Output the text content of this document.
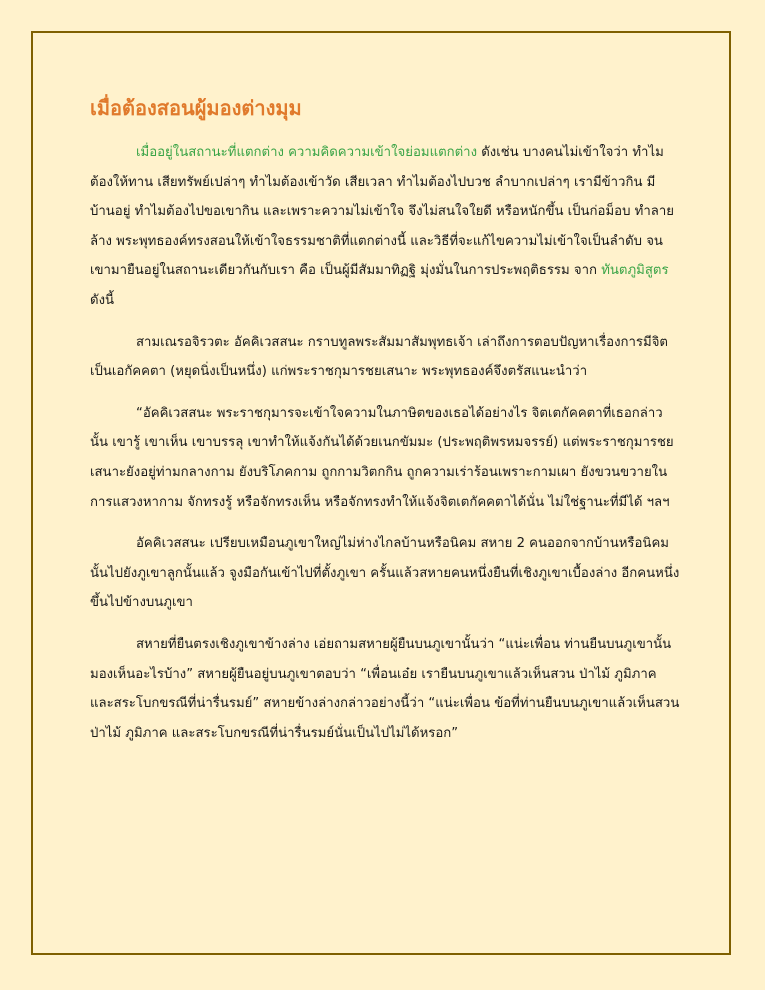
เมื่อต้องสอนผู้มองต่างมุม

เมื่ออยู่ในสถานะที่แตกต่าง ความคิดความเข้าใจย่อมแตกต่าง ดังเช่น บางคนไม่เข้าใจว่า ทำไมต้องให้ทาน เสียทรัพย์เปล่าๆ ทำไมต้องเข้าวัด เสียเวลา ทำไมต้องไปบวช ลำบากเปล่าๆ เรามีข้าวกิน มีบ้านอยู่ ทำไมต้องไปขอเขากิน และเพราะความไม่เข้าใจ จึงไม่สนใจใยดี หรือหนักขึ้น เป็นก่อม็อบ ทำลายล้าง พระพุทธองค์ทรงสอนให้เข้าใจธรรมชาติที่แตกต่างนี้ และวิธีที่จะแก้ไขความไม่เข้าใจเป็นลำดับ จนเขามายืนอยู่ในสถานะเดียวกันกับเรา คือ เป็นผู้มีสัมมาทิฏฐิ มุ่งมั่นในการประพฤติธรรม จาก ทันตภูมิสูตร ดังนี้

สามเณรอจิรวตะ อัคคิเวสสนะ กราบทูลพระสัมมาสัมพุทธเจ้า เล่าถึงการตอบปัญหาเรื่องการมีจิตเป็นเอกัคคตา (หยุดนิ่งเป็นหนึ่ง) แก่พระราชกุมารชยเสนาะ พระพุทธองค์จึงตรัสแนะนำว่า

“อัคคิเวสสนะ พระราชกุมารจะเข้าใจความในภาษิตของเธอได้อย่างไร จิตเตกัคคตาที่เธอกล่าวนั้น เขารู้ เขาเห็น เขาบรรลุ เขาทำให้แจ้งกันได้ด้วยเนกขัมมะ (ประพฤติพรหมจรรย์) แต่พระราชกุมารชยเสนาะยังอยู่ท่ามกลางกาม ยังบริโภคกาม ถูกกามวิตกกิน ถูกความเร่าร้อนเพราะกามเผา ยังขวนขวายในการแสวงหากาม จักทรงรู้ หรือจักทรงเห็น หรือจักทรงทำให้แจ้งจิตเตกัคคตาได้นั่น ไม่ใช่ฐานะที่มีได้ ฯลฯ

อัคคิเวสสนะ เปรียบเหมือนภูเขาใหญ่ไม่ห่างไกลบ้านหรือนิคม สหาย 2 คนออกจากบ้านหรือนิคมนั้นไปยังภูเขาลูกนั้นแล้ว จูงมือกันเข้าไปที่ตั้งภูเขา ครั้นแล้วสหายคนหนึ่งยืนที่เชิงภูเขาเบื้องล่าง อีกคนหนึ่งขึ้นไปข้างบนภูเขา

สหายที่ยืนตรงเชิงภูเขาข้างล่าง เอ่ยถามสหายผู้ยืนบนภูเขานั้นว่า “แน่ะเพื่อน ท่านยืนบนภูเขานั้น มองเห็นอะไรบ้าง” สหายผู้ยืนอยู่บนภูเขาตอบว่า “เพื่อนเอ๋ย เรายืนบนภูเขาแล้วเห็นสวน ป่าไม้ ภูมิภาค และสระโบกขรณีที่น่ารื่นรมย์” สหายข้างล่างกล่าวอย่างนี้ว่า “แน่ะเพื่อน ข้อที่ท่านยืนบนภูเขาแล้วเห็นสวน ป่าไม้ ภูมิภาค และสระโบกขรณีที่น่ารื่นรมย์นั่นเป็นไปไม่ได้หรอก”
